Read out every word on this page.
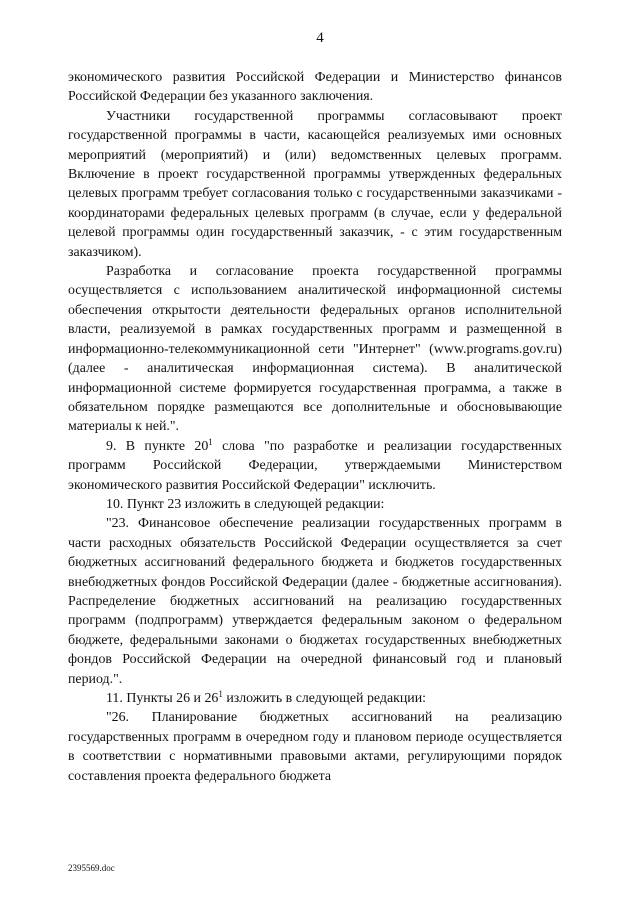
4

экономического развития Российской Федерации и Министерство финансов Российской Федерации без указанного заключения.

Участники государственной программы согласовывают проект государственной программы в части, касающейся реализуемых ими основных мероприятий (мероприятий) и (или) ведомственных целевых программ. Включение в проект государственной программы утвержденных федеральных целевых программ требует согласования только с государственными заказчиками - координаторами федеральных целевых программ (в случае, если у федеральной целевой программы один государственный заказчик, - с этим государственным заказчиком).

Разработка и согласование проекта государственной программы осуществляется с использованием аналитической информационной системы обеспечения открытости деятельности федеральных органов исполнительной власти, реализуемой в рамках государственных программ и размещенной в информационно-телекоммуникационной сети "Интернет" (www.programs.gov.ru) (далее - аналитическая информационная система). В аналитической информационной системе формируется государственная программа, а также в обязательном порядке размещаются все дополнительные и обосновывающие материалы к ней.".

9. В пункте $20^1$ слова "по разработке и реализации государственных программ Российской Федерации, утверждаемыми Министерством экономического развития Российской Федерации" исключить.

10. Пункт 23 изложить в следующей редакции:

"23. Финансовое обеспечение реализации государственных программ в части расходных обязательств Российской Федерации осуществляется за счет бюджетных ассигнований федерального бюджета и бюджетов государственных внебюджетных фондов Российской Федерации (далее - бюджетные ассигнования). Распределение бюджетных ассигнований на реализацию государственных программ (подпрограмм) утверждается федеральным законом о федеральном бюджете, федеральными законами о бюджетах государственных внебюджетных фондов Российской Федерации на очередной финансовый год и плановый период.".

11. Пункты 26 и $26^1$ изложить в следующей редакции:

"26. Планирование бюджетных ассигнований на реализацию государственных программ в очередном году и плановом периоде осуществляется в соответствии с нормативными правовыми актами, регулирующими порядок составления проекта федерального бюджета

2395569.doc
